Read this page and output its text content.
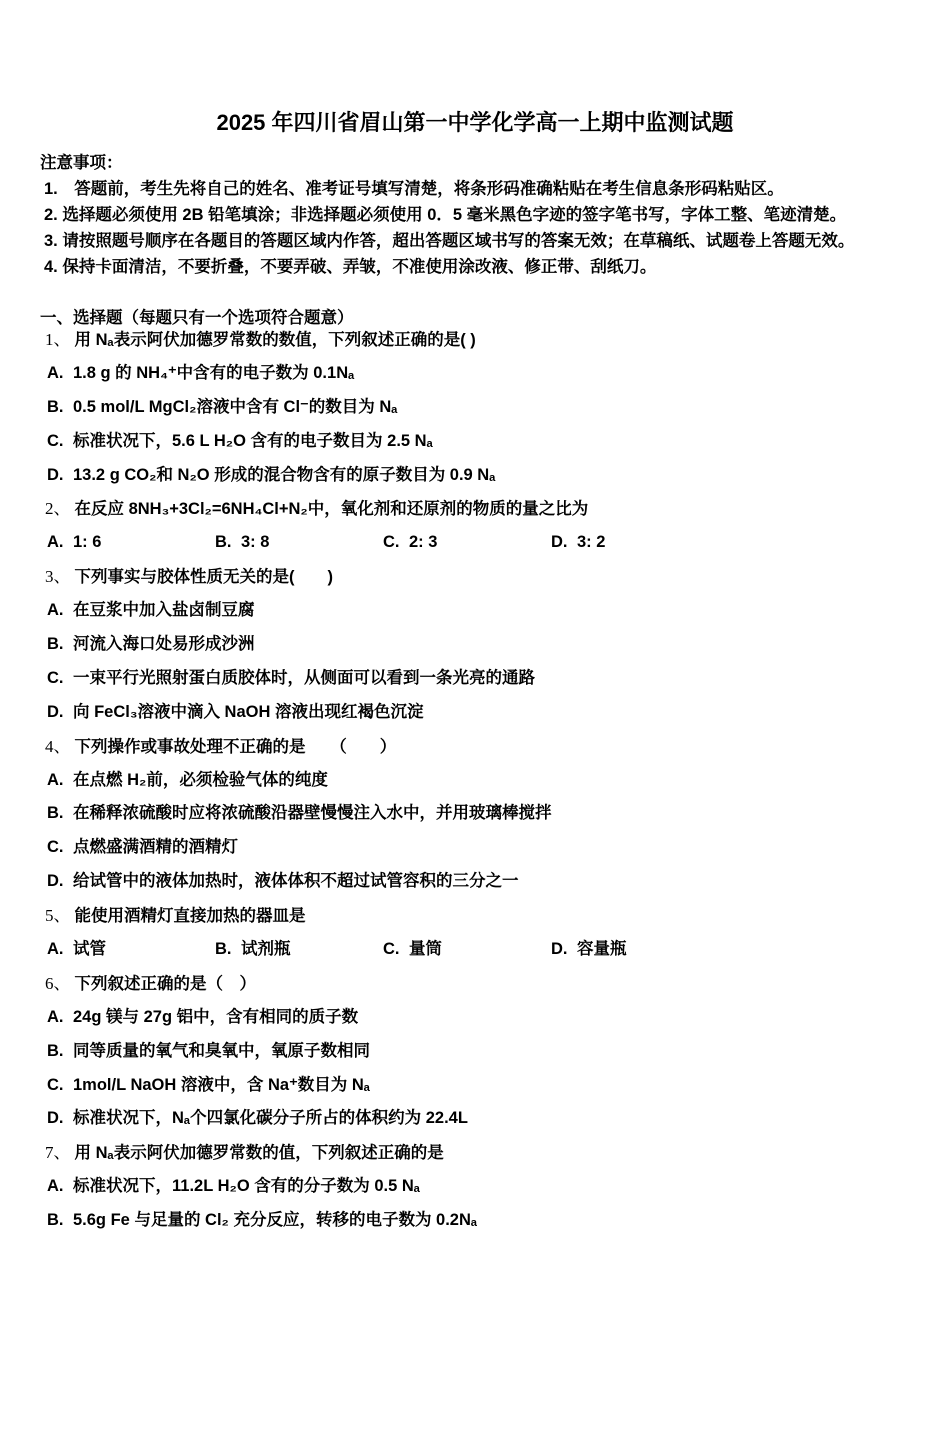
2025 年四川省眉山第一中学化学高一上期中监测试题
注意事项：
1.　答题前，考生先将自己的姓名、准考证号填写清楚，将条形码准确粘贴在考生信息条形码粘贴区。
2. 选择题必须使用 2B 铅笔填涂；非选择题必须使用 0．5 毫米黑色字迹的签字笔书写，字体工整、笔迹清楚。
3. 请按照题号顺序在各题目的答题区域内作答，超出答题区域书写的答案无效；在草稿纸、试题卷上答题无效。
4. 保持卡面清洁，不要折叠，不要弄破、弄皱，不准使用涂改液、修正带、刮纸刀。
一、选择题（每题只有一个选项符合题意）
1、 用 Nₐ表示阿伏加德罗常数的数值，下列叙述正确的是( )
A. 1.8 g 的 NH₄⁺中含有的电子数为 0.1Nₐ
B. 0.5 mol/L MgCl₂溶液中含有 Cl⁻的数目为 Nₐ
C. 标准状况下，5.6 L H₂O 含有的电子数目为 2.5 Nₐ
D. 13.2 g CO₂和 N₂O 形成的混合物含有的原子数目为 0.9 Nₐ
2、 在反应 8NH₃+3Cl₂=6NH₄Cl+N₂中，氧化剂和还原剂的物质的量之比为
A. 1: 6	B. 3: 8	C. 2: 3	D. 3: 2
3、 下列事实与胶体性质无关的是(　　)
A. 在豆浆中加入盐卤制豆腐
B. 河流入海口处易形成沙洲
C. 一束平行光照射蛋白质胶体时，从侧面可以看到一条光亮的通路
D. 向 FeCl₃溶液中滴入 NaOH 溶液出现红褐色沉淀
4、 下列操作或事故处理不正确的是　　（　　）
A. 在点燃 H₂前，必须检验气体的纯度
B. 在稀释浓硫酸时应将浓硫酸沿器壁慢慢注入水中，并用玻璃棒搅拌
C. 点燃盛满酒精的酒精灯
D. 给试管中的液体加热时，液体体积不超过试管容积的三分之一
5、 能使用酒精灯直接加热的器皿是
A. 试管	B. 试剂瓶	C. 量筒	D. 容量瓶
6、 下列叙述正确的是（　）
A. 24g 镁与 27g 铝中，含有相同的质子数
B. 同等质量的氧气和臭氧中，氧原子数相同
C. 1mol/L NaOH 溶液中，含 Na⁺数目为 Nₐ
D. 标准状况下，Nₐ个四氯化碳分子所占的体积约为 22.4L
7、 用 Nₐ表示阿伏加德罗常数的值，下列叙述正确的是
A. 标准状况下，11.2L H₂O 含有的分子数为 0.5 Nₐ
B. 5.6g Fe 与足量的 Cl₂ 充分反应，转移的电子数为 0.2Nₐ
